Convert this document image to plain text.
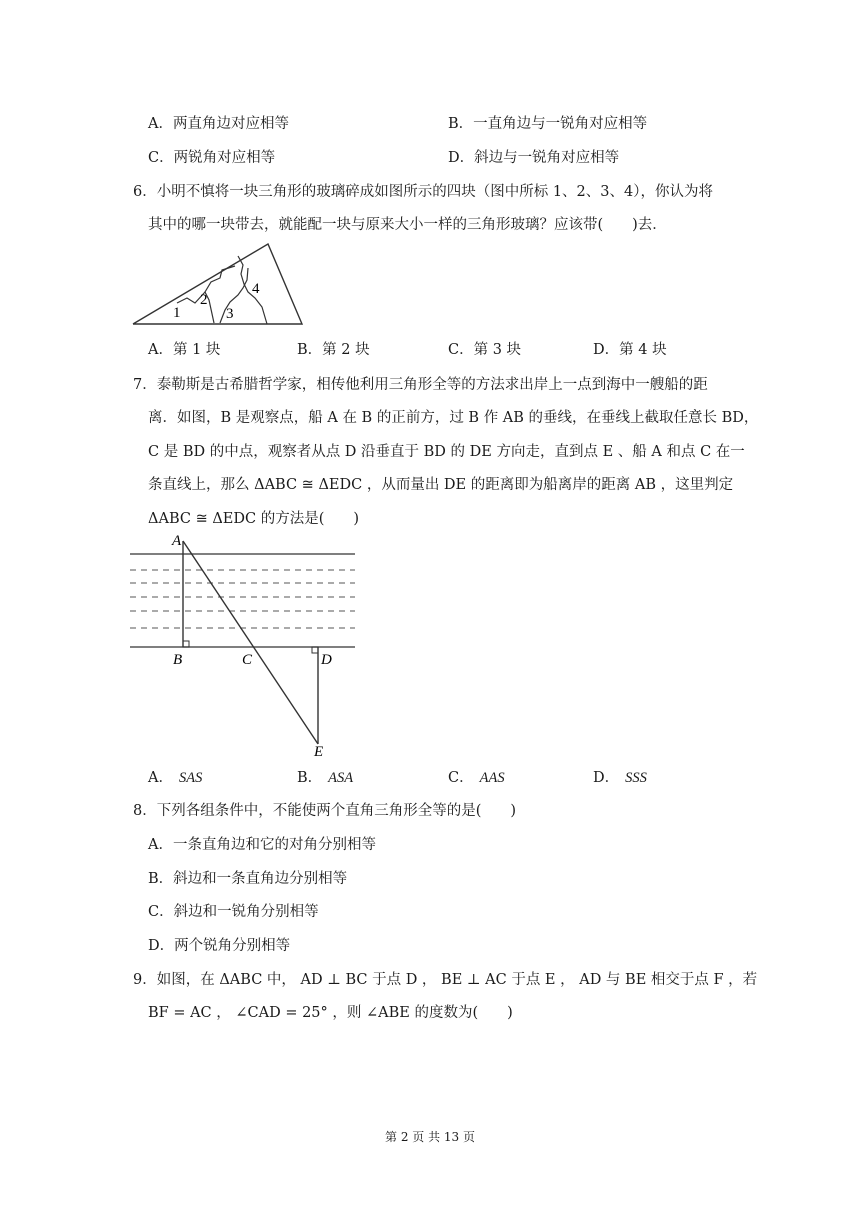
A．两直角边对应相等	B．一直角边与一锐角对应相等
C．两锐角对应相等	D．斜边与一锐角对应相等
6．小明不慎将一块三角形的玻璃碎成如图所示的四块（图中所标 1、2、3、4），你认为将
其中的哪一块带去，就能配一块与原来大小一样的三角形玻璃？应该带(　　)去．
1
2
3
4
A．第 1 块	B．第 2 块	C．第 3 块	D．第 4 块
7．泰勒斯是古希腊哲学家，相传他利用三角形全等的方法求出岸上一点到海中一艘船的距
离．如图，B 是观察点，船 A 在 B 的正前方，过 B 作 AB 的垂线，在垂线上截取任意长 BD，
C 是 BD 的中点，观察者从点 D 沿垂直于 BD 的 DE 方向走，直到点 E 、船 A 和点 C 在一
条直线上，那么 ΔABC ≅ ΔEDC ，从而量出 DE 的距离即为船离岸的距离 AB ，这里判定
ΔABC ≅ ΔEDC 的方法是(　　)
A
B	C	D
E
A． SAS	B． ASA	C． AAS	D． SSS
8．下列各组条件中，不能使两个直角三角形全等的是(　　)
A．一条直角边和它的对角分别相等
B．斜边和一条直角边分别相等
C．斜边和一锐角分别相等
D．两个锐角分别相等
9．如图，在 ΔABC 中， AD ⊥ BC 于点 D ， BE ⊥ AC 于点 E ， AD 与 BE 相交于点 F ，若
BF = AC ， ∠CAD = 25° ，则 ∠ABE 的度数为(　　)
第 2 页 共 13 页
